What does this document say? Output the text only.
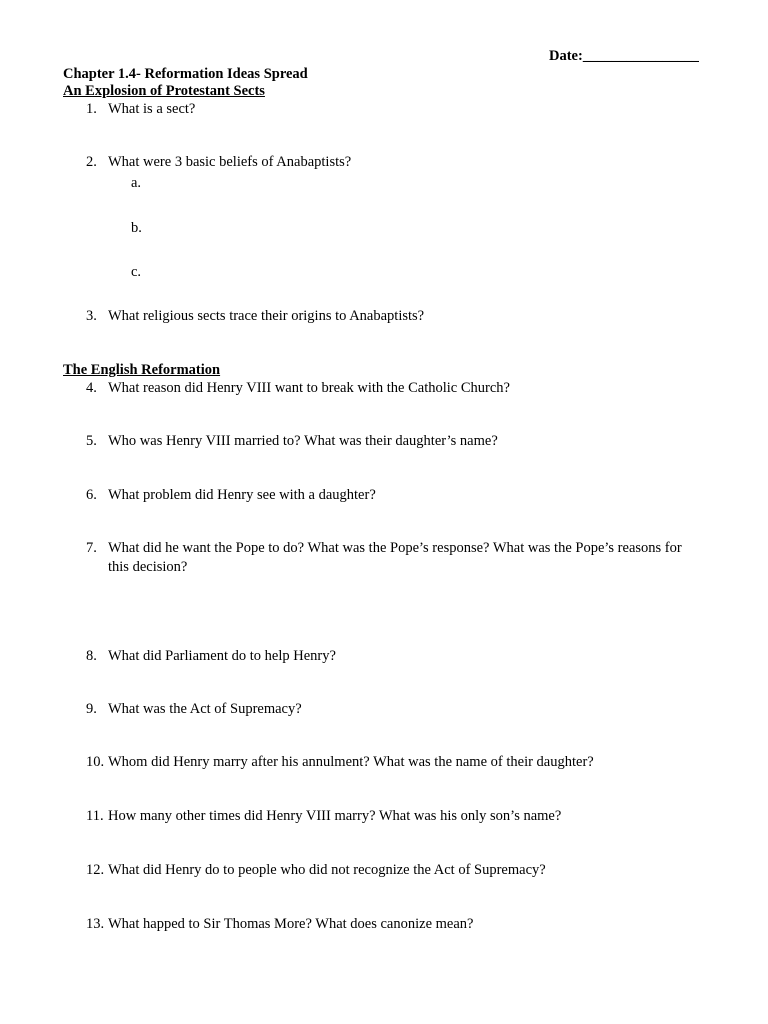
Date:________________
Chapter 1.4- Reformation Ideas Spread
An Explosion of Protestant Sects
1. What is a sect?
2. What were 3 basic beliefs of Anabaptists?
a.
b.
c.
3. What religious sects trace their origins to Anabaptists?
The English Reformation
4. What reason did Henry VIII want to break with the Catholic Church?
5. Who was Henry VIII married to? What was their daughter’s name?
6. What problem did Henry see with a daughter?
7. What did he want the Pope to do? What was the Pope’s response? What was the Pope’s reasons for this decision?
8. What did Parliament do to help Henry?
9. What was the Act of Supremacy?
10. Whom did Henry marry after his annulment? What was the name of their daughter?
11. How many other times did Henry VIII marry? What was his only son’s name?
12. What did Henry do to people who did not recognize the Act of Supremacy?
13. What happed to Sir Thomas More? What does canonize mean?
